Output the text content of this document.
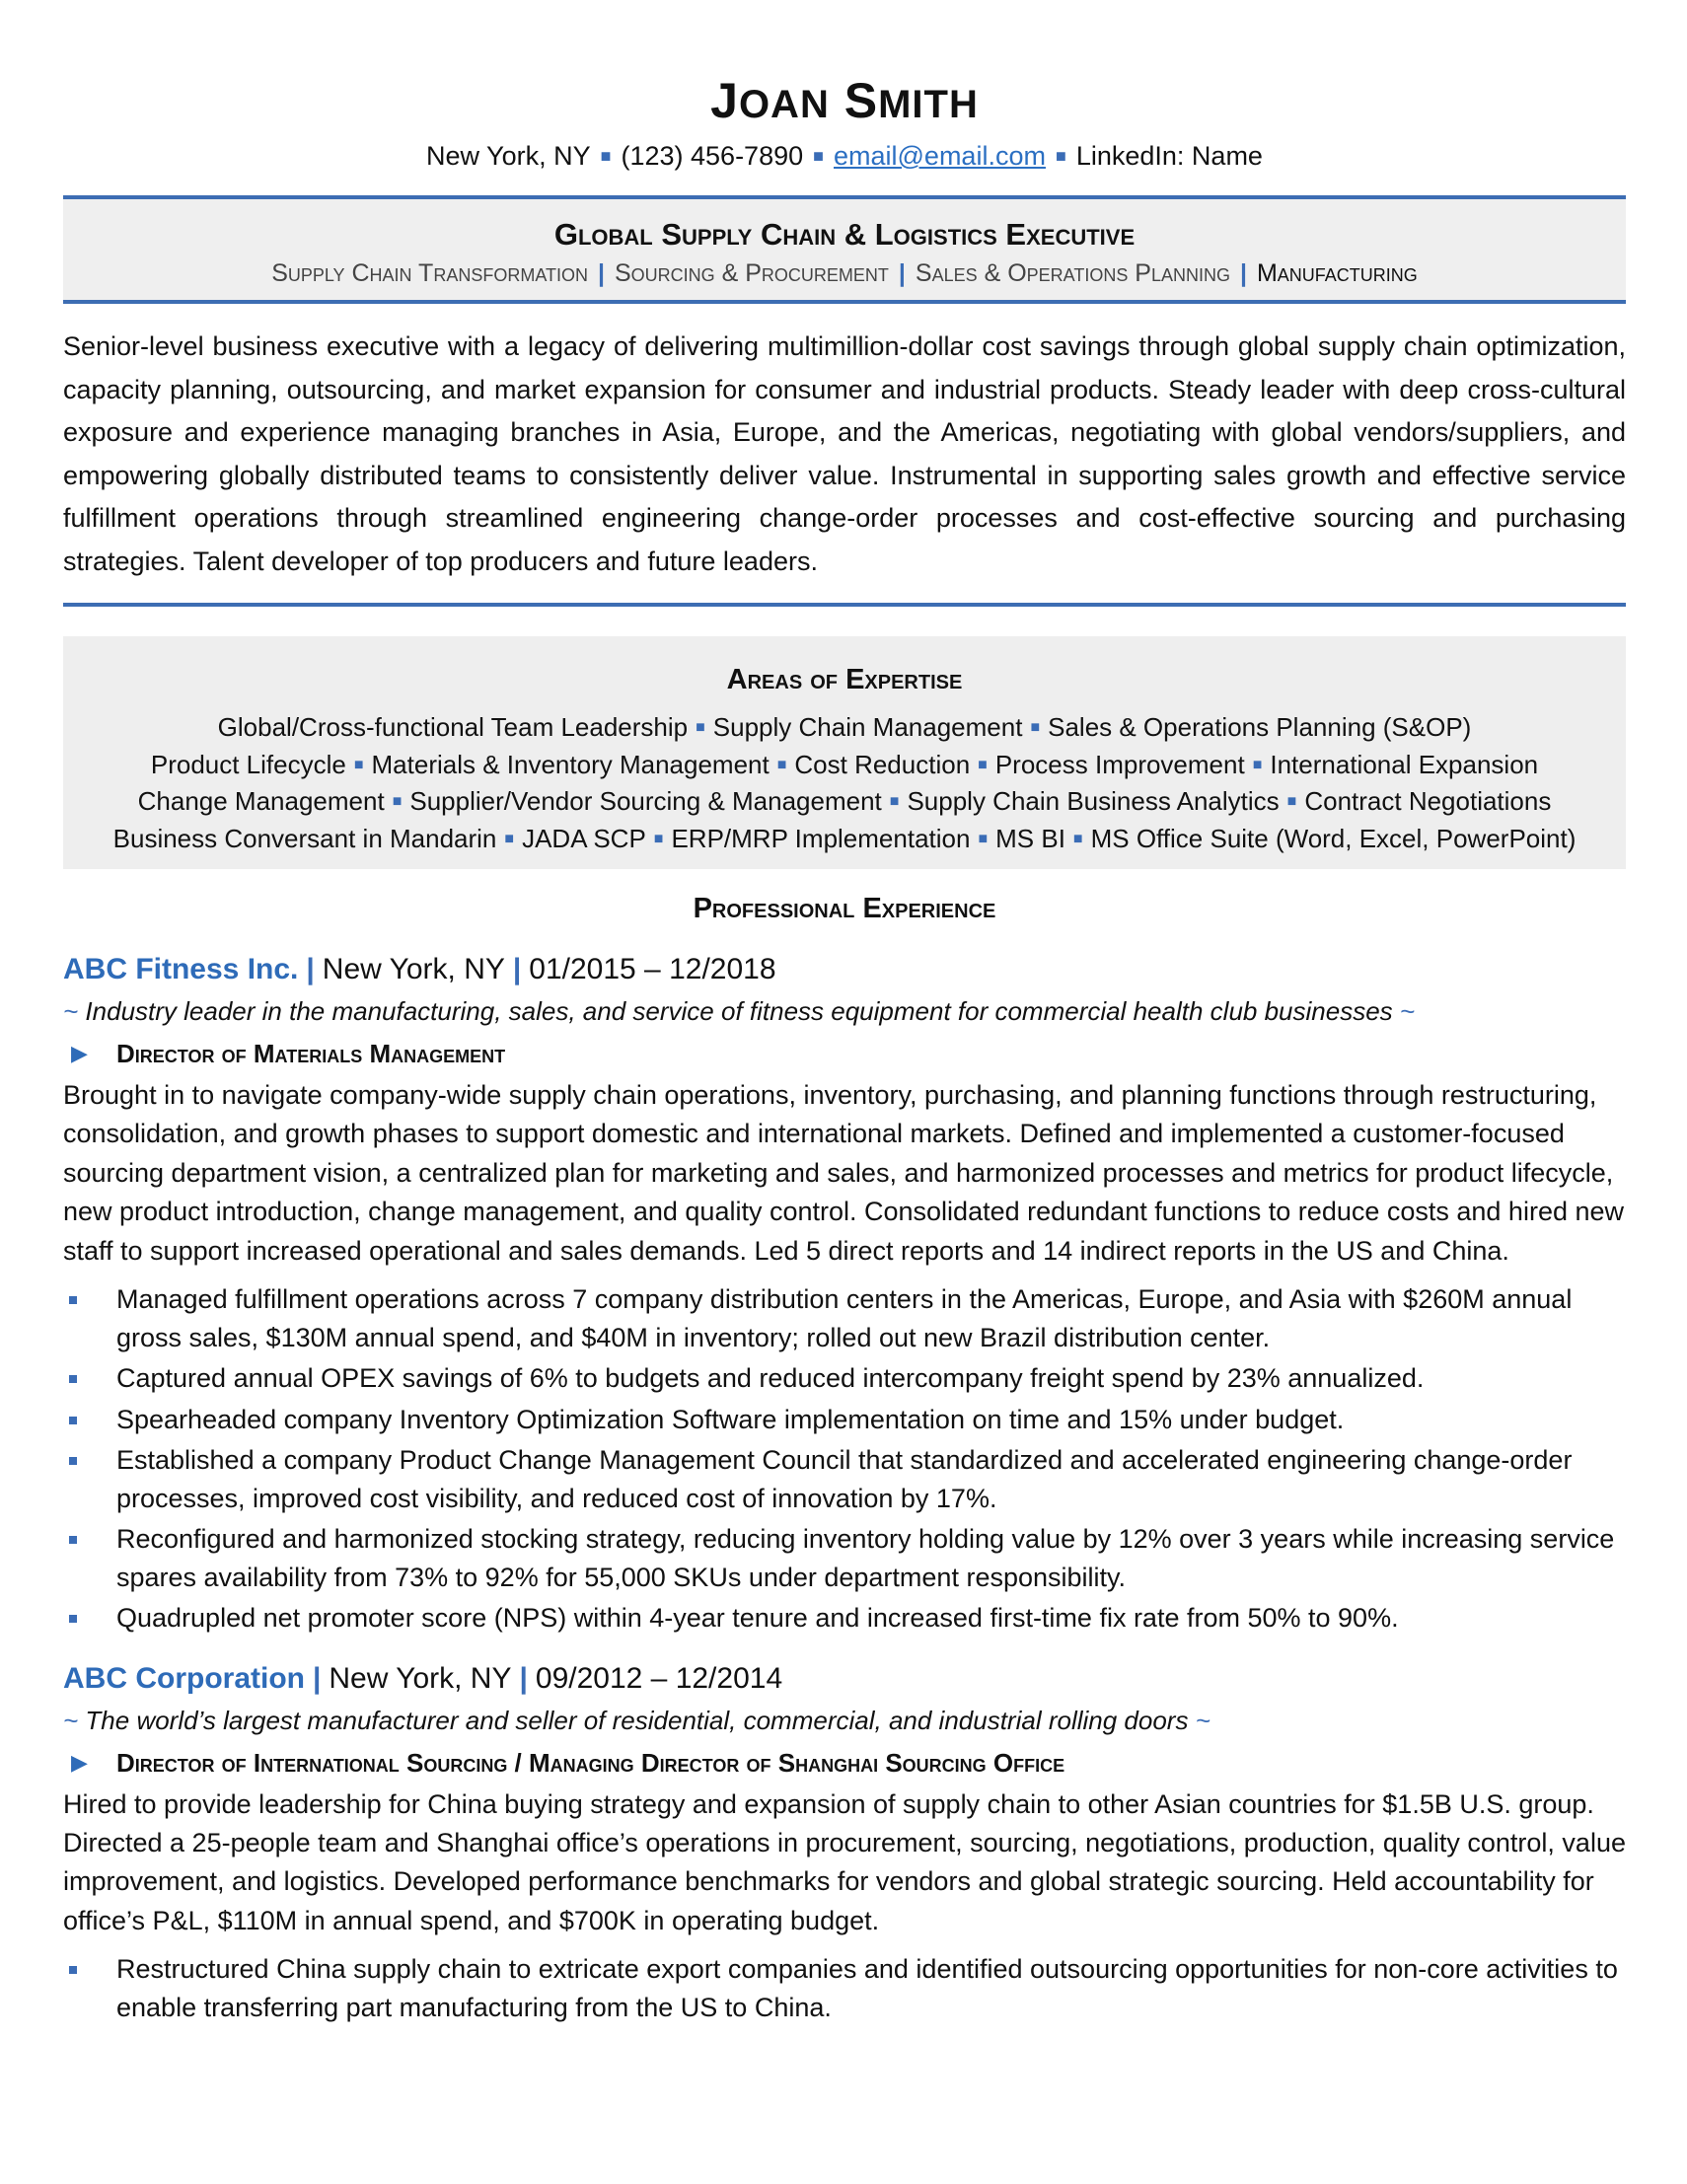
JOAN SMITH
New York, NY ■ (123) 456-7890 ■ email@email.com ■ LinkedIn: Name
Global Supply Chain & Logistics Executive
Supply Chain Transformation | Sourcing & Procurement | Sales & Operations Planning | Manufacturing
Senior-level business executive with a legacy of delivering multimillion-dollar cost savings through global supply chain optimization, capacity planning, outsourcing, and market expansion for consumer and industrial products. Steady leader with deep cross-cultural exposure and experience managing branches in Asia, Europe, and the Americas, negotiating with global vendors/suppliers, and empowering globally distributed teams to consistently deliver value. Instrumental in supporting sales growth and effective service fulfillment operations through streamlined engineering change-order processes and cost-effective sourcing and purchasing strategies. Talent developer of top producers and future leaders.
Areas of Expertise
Global/Cross-functional Team Leadership ■ Supply Chain Management ■ Sales & Operations Planning (S&OP)
Product Lifecycle ■ Materials & Inventory Management ■ Cost Reduction ■ Process Improvement ■ International Expansion
Change Management ■ Supplier/Vendor Sourcing & Management ■ Supply Chain Business Analytics ■ Contract Negotiations
Business Conversant in Mandarin ■ JADA SCP ■ ERP/MRP Implementation ■ MS BI ■ MS Office Suite (Word, Excel, PowerPoint)
Professional Experience
ABC Fitness Inc. | New York, NY | 01/2015 – 12/2018
~ Industry leader in the manufacturing, sales, and service of fitness equipment for commercial health club businesses ~
▶	Director of Materials Management
Brought in to navigate company-wide supply chain operations, inventory, purchasing, and planning functions through restructuring, consolidation, and growth phases to support domestic and international markets. Defined and implemented a customer-focused sourcing department vision, a centralized plan for marketing and sales, and harmonized processes and metrics for product lifecycle, new product introduction, change management, and quality control. Consolidated redundant functions to reduce costs and hired new staff to support increased operational and sales demands. Led 5 direct reports and 14 indirect reports in the US and China.
Managed fulfillment operations across 7 company distribution centers in the Americas, Europe, and Asia with $260M annual gross sales, $130M annual spend, and $40M in inventory; rolled out new Brazil distribution center.
Captured annual OPEX savings of 6% to budgets and reduced intercompany freight spend by 23% annualized.
Spearheaded company Inventory Optimization Software implementation on time and 15% under budget.
Established a company Product Change Management Council that standardized and accelerated engineering change-order processes, improved cost visibility, and reduced cost of innovation by 17%.
Reconfigured and harmonized stocking strategy, reducing inventory holding value by 12% over 3 years while increasing service spares availability from 73% to 92% for 55,000 SKUs under department responsibility.
Quadrupled net promoter score (NPS) within 4-year tenure and increased first-time fix rate from 50% to 90%.
ABC Corporation | New York, NY | 09/2012 – 12/2014
~ The world’s largest manufacturer and seller of residential, commercial, and industrial rolling doors ~
▶	Director of International Sourcing / Managing Director of Shanghai Sourcing Office
Hired to provide leadership for China buying strategy and expansion of supply chain to other Asian countries for $1.5B U.S. group. Directed a 25-people team and Shanghai office’s operations in procurement, sourcing, negotiations, production, quality control, value improvement, and logistics. Developed performance benchmarks for vendors and global strategic sourcing. Held accountability for office’s P&L, $110M in annual spend, and $700K in operating budget.
Restructured China supply chain to extricate export companies and identified outsourcing opportunities for non-core activities to enable transferring part manufacturing from the US to China.
